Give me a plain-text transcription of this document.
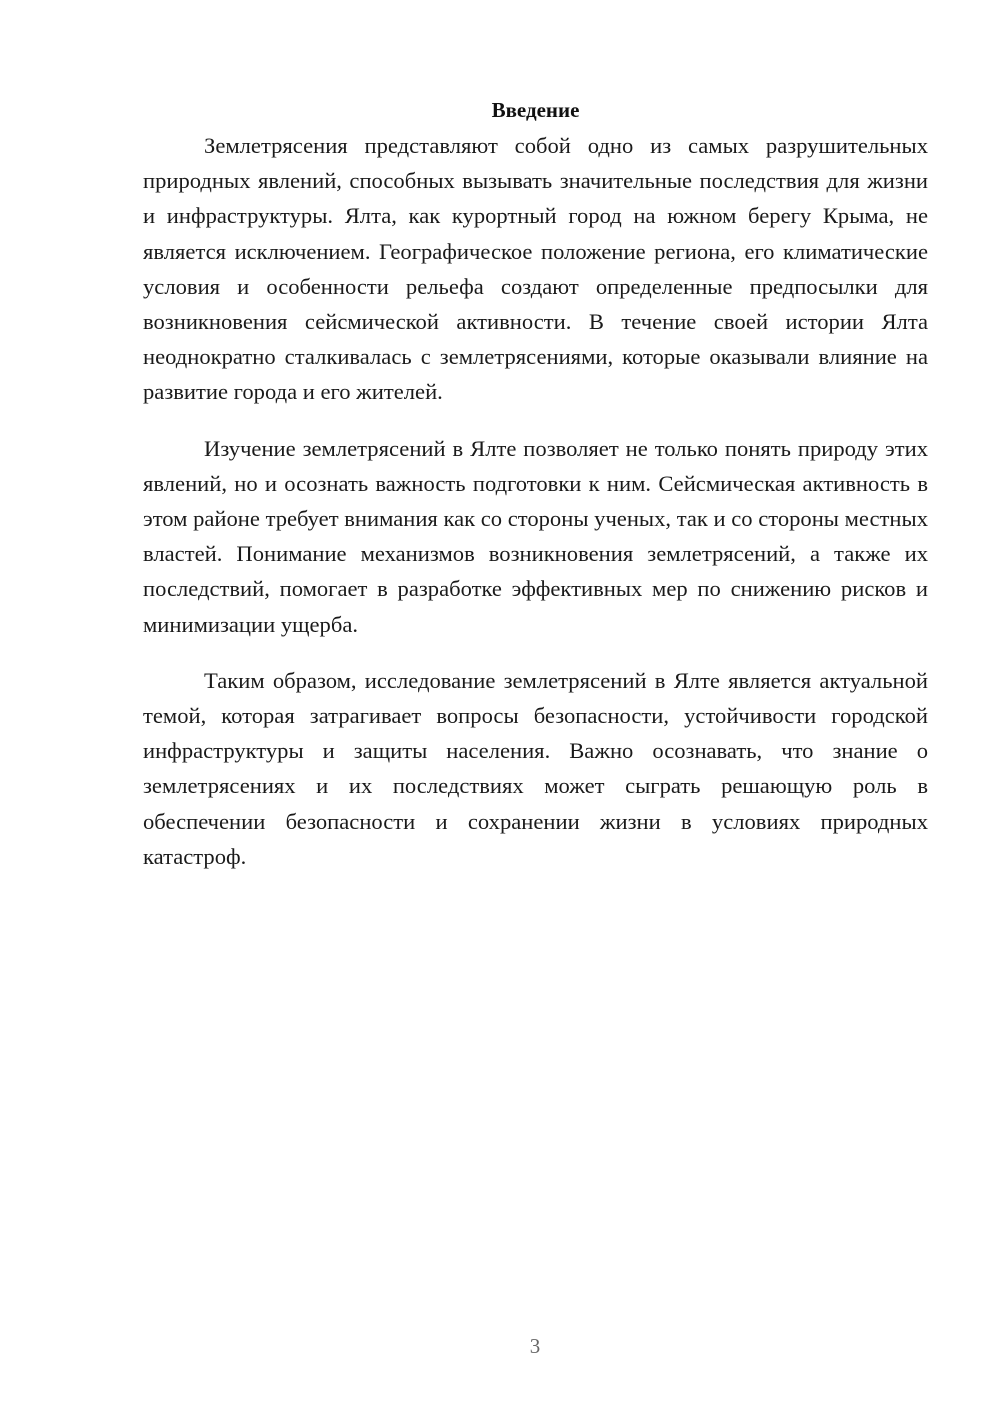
Введение

Землетрясения представляют собой одно из самых разрушительных природных явлений, способных вызывать значительные последствия для жизни и инфраструктуры. Ялта, как курортный город на южном берегу Крыма, не является исключением. Географическое положение региона, его климатические условия и особенности рельефа создают определенные предпосылки для возникновения сейсмической активности. В течение своей истории Ялта неоднократно сталкивалась с землетрясениями, которые оказывали влияние на развитие города и его жителей.

Изучение землетрясений в Ялте позволяет не только понять природу этих явлений, но и осознать важность подготовки к ним. Сейсмическая активность в этом районе требует внимания как со стороны ученых, так и со стороны местных властей. Понимание механизмов возникновения землетрясений, а также их последствий, помогает в разработке эффективных мер по снижению рисков и минимизации ущерба.

Таким образом, исследование землетрясений в Ялте является актуальной темой, которая затрагивает вопросы безопасности, устойчивости городской инфраструктуры и защиты населения. Важно осознавать, что знание о землетрясениях и их последствиях может сыграть решающую роль в обеспечении безопасности и сохранении жизни в условиях природных катастроф.

3
